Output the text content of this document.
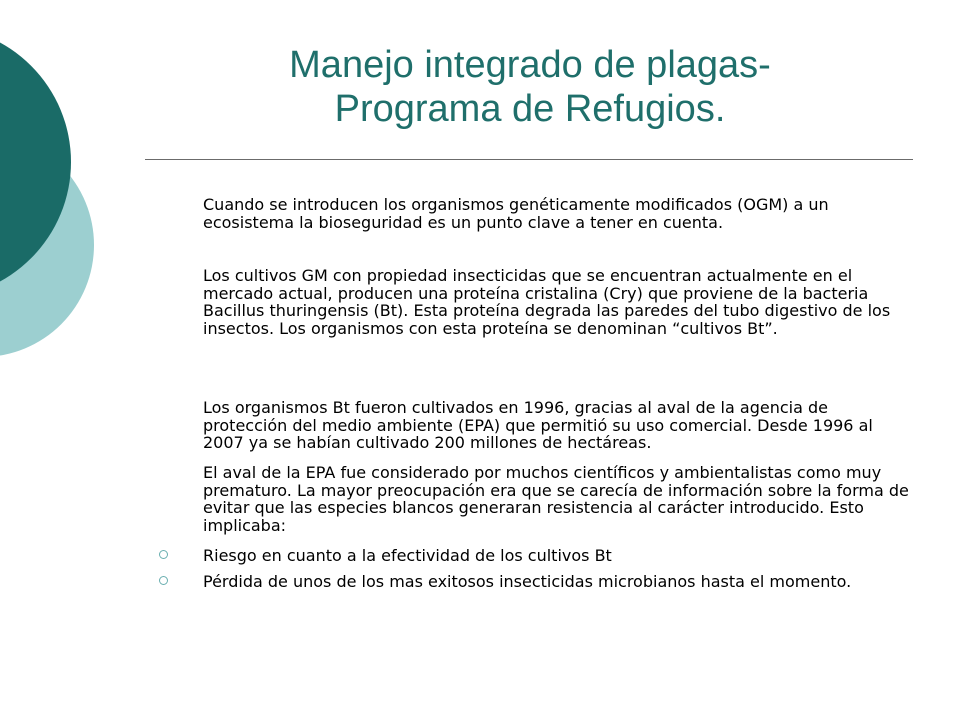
Manejo integrado de plagas-
Programa de Refugios.

Cuando se introducen los organismos genéticamente modificados (OGM) a un ecosistema la bioseguridad es un punto clave a tener en cuenta.

Los cultivos GM con propiedad insecticidas que se encuentran actualmente en el mercado actual, producen una proteína cristalina (Cry) que proviene de la bacteria Bacillus thuringensis (Bt). Esta proteína degrada las paredes del tubo digestivo de los insectos. Los organismos con esta proteína se denominan “cultivos Bt”.

Los organismos Bt fueron cultivados en 1996, gracias al aval de la agencia de protección del medio ambiente (EPA) que permitió su uso comercial. Desde 1996 al 2007 ya se habían cultivado 200 millones de hectáreas.

El aval de la EPA fue considerado por muchos científicos y ambientalistas como muy prematuro. La mayor preocupación era que se carecía de información sobre la forma de evitar que las especies blancos generaran resistencia al carácter introducido. Esto implicaba:

Riesgo en cuanto a la efectividad de los cultivos Bt
Pérdida de unos de los mas exitosos insecticidas microbianos hasta el momento.
